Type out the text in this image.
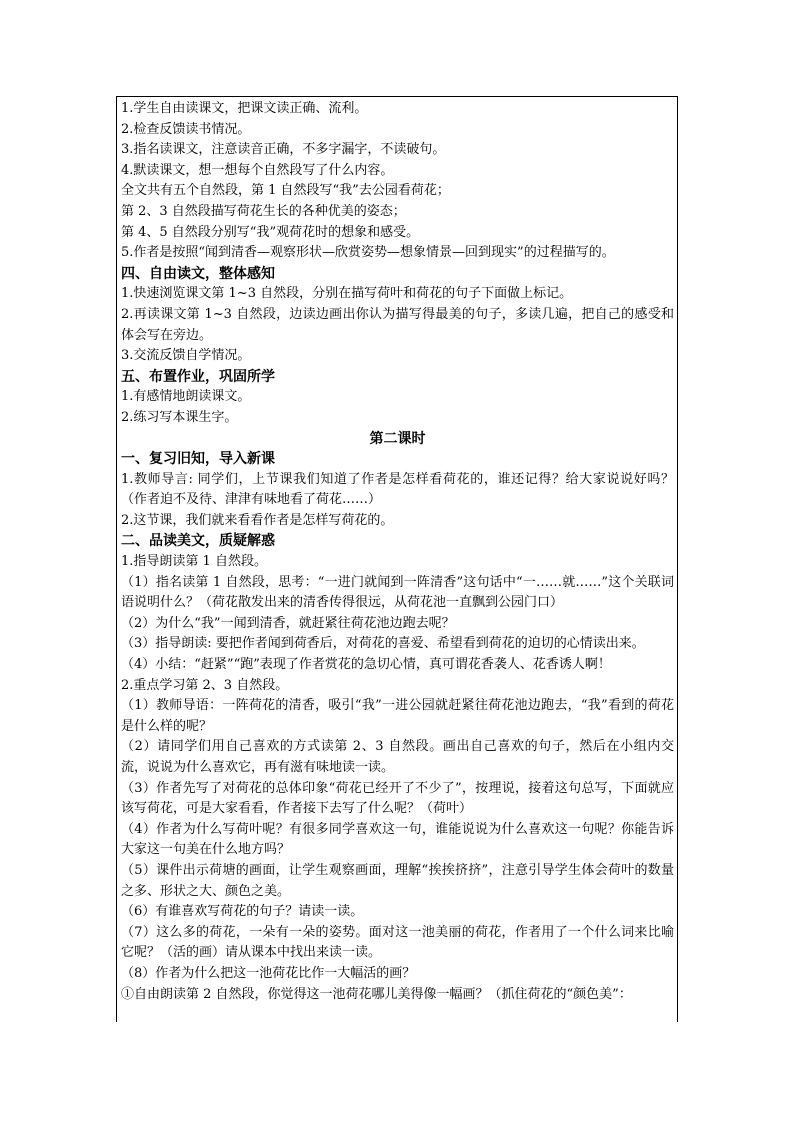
1.学生自由读课文，把课文读正确、流利。
2.检查反馈读书情况。
3.指名读课文，注意读音正确，不多字漏字，不读破句。
4.默读课文，想一想每个自然段写了什么内容。
全文共有五个自然段，第 1 自然段写“我”去公园看荷花；
第 2、3 自然段描写荷花生长的各种优美的姿态；
第 4、5 自然段分别写“我”观荷花时的想象和感受。
5.作者是按照“闻到清香—观察形状—欣赏姿势—想象情景—回到现实”的过程描写的。
四、自由读文，整体感知
1.快速浏览课文第 1~3 自然段，分别在描写荷叶和荷花的句子下面做上标记。
2.再读课文第 1~3 自然段，边读边画出你认为描写得最美的句子，多读几遍，把自己的感受和体会写在旁边。
3.交流反馈自学情况。
五、布置作业，巩固所学
1.有感情地朗读课文。
2.练习写本课生字。
第二课时
一、复习旧知，导入新课
1.教师导言: 同学们，上节课我们知道了作者是怎样看荷花的，谁还记得？给大家说说好吗？（作者迫不及待、津津有味地看了荷花……）
2.这节课，我们就来看看作者是怎样写荷花的。
二、品读美文，质疑解惑
1.指导朗读第 1 自然段。
（1）指名读第 1 自然段，思考：“一进门就闻到一阵清香”这句话中“一……就……”这个关联词语说明什么？（荷花散发出来的清香传得很远，从荷花池一直飘到公园门口）
（2）为什么“我”一闻到清香，就赶紧往荷花池边跑去呢？
（3）指导朗读: 要把作者闻到荷香后，对荷花的喜爱、希望看到荷花的迫切的心情读出来。
（4）小结：“赶紧”“跑”表现了作者赏花的急切心情，真可谓花香袭人、花香诱人啊！
2.重点学习第 2、3 自然段。
（1）教师导语：一阵荷花的清香，吸引“我”一进公园就赶紧往荷花池边跑去，“我”看到的荷花是什么样的呢？
（2）请同学们用自己喜欢的方式读第 2、3 自然段。画出自己喜欢的句子，然后在小组内交流，说说为什么喜欢它，再有滋有味地读一读。
（3）作者先写了对荷花的总体印象“荷花已经开了不少了”，按理说，接着这句总写，下面就应该写荷花，可是大家看看，作者接下去写了什么呢？（荷叶）
（4）作者为什么写荷叶呢？有很多同学喜欢这一句，谁能说说为什么喜欢这一句呢？你能告诉大家这一句美在什么地方吗？
（5）课件出示荷塘的画面，让学生观察画面，理解“挨挨挤挤”，注意引导学生体会荷叶的数量之多、形状之大、颜色之美。
（6）有谁喜欢写荷花的句子？请读一读。
（7）这么多的荷花，一朵有一朵的姿势。面对这一池美丽的荷花，作者用了一个什么词来比喻它呢？（活的画）请从课本中找出来读一读。
（8）作者为什么把这一池荷花比作一大幅活的画？
①自由朗读第 2 自然段，你觉得这一池荷花哪儿美得像一幅画？（抓住荷花的“颜色美”：
